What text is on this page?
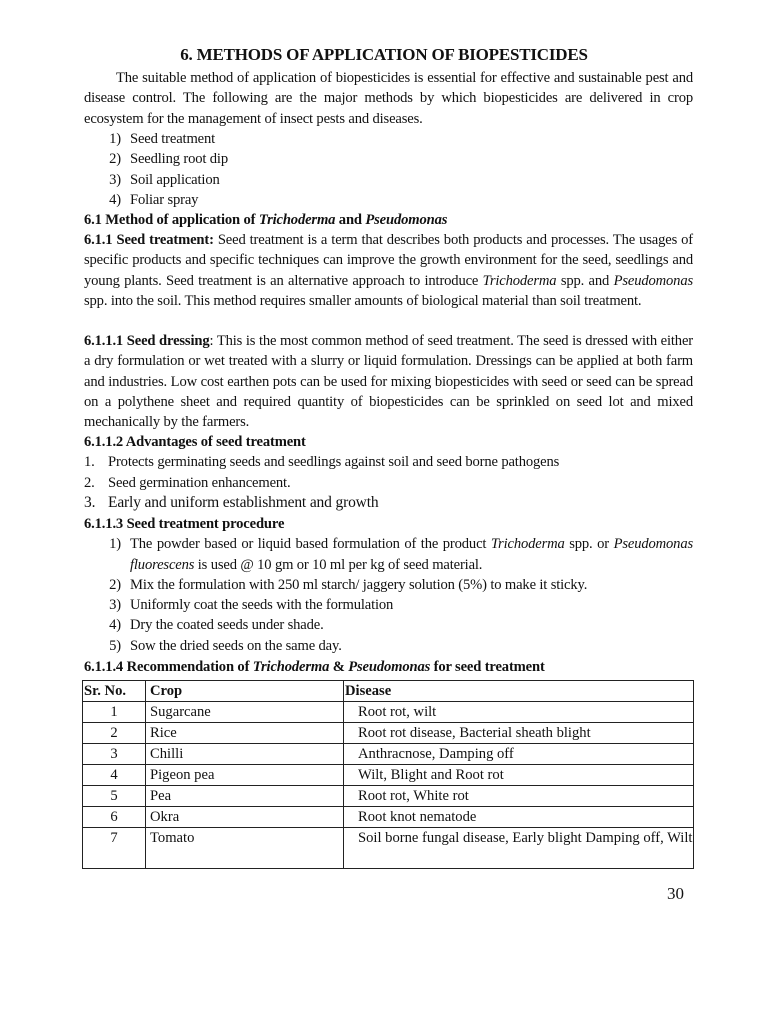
6. METHODS OF APPLICATION OF BIOPESTICIDES
The suitable method of application of biopesticides is essential for effective and sustainable pest and disease control. The following are the major methods by which biopesticides are delivered in crop ecosystem for the management of insect pests and diseases.
1) Seed treatment
2) Seedling root dip
3) Soil application
4) Foliar spray
6.1 Method of application of Trichoderma and Pseudomonas
6.1.1 Seed treatment: Seed treatment is a term that describes both products and processes. The usages of specific products and specific techniques can improve the growth environment for the seed, seedlings and young plants. Seed treatment is an alternative approach to introduce Trichoderma spp. and Pseudomonas spp. into the soil. This method requires smaller amounts of biological material than soil treatment.
6.1.1.1 Seed dressing: This is the most common method of seed treatment. The seed is dressed with either a dry formulation or wet treated with a slurry or liquid formulation. Dressings can be applied at both farm and industries. Low cost earthen pots can be used for mixing biopesticides with seed or seed can be spread on a polythene sheet and required quantity of biopesticides can be sprinkled on seed lot and mixed mechanically by the farmers.
6.1.1.2 Advantages of seed treatment
1. Protects germinating seeds and seedlings against soil and seed borne pathogens
2. Seed germination enhancement.
3. Early and uniform establishment and growth
6.1.1.3 Seed treatment procedure
1) The powder based or liquid based formulation of the product Trichoderma spp. or Pseudomonas fluorescens is used @ 10 gm or 10 ml per kg of seed material.
2) Mix the formulation with 250 ml starch/ jaggery solution (5%) to make it sticky.
3) Uniformly coat the seeds with the formulation
4) Dry the coated seeds under shade.
5) Sow the dried seeds on the same day.
6.1.1.4 Recommendation of Trichoderma & Pseudomonas for seed treatment
Sr. No.	Crop	Disease
1	Sugarcane	Root rot, wilt
2	Rice	Root rot disease, Bacterial sheath blight
3	Chilli	Anthracnose, Damping off
4	Pigeon pea	Wilt, Blight and Root rot
5	Pea	Root rot, White rot
6	Okra	Root knot nematode
7	Tomato	Soil borne fungal disease, Early blight Damping off, Wilt
30
